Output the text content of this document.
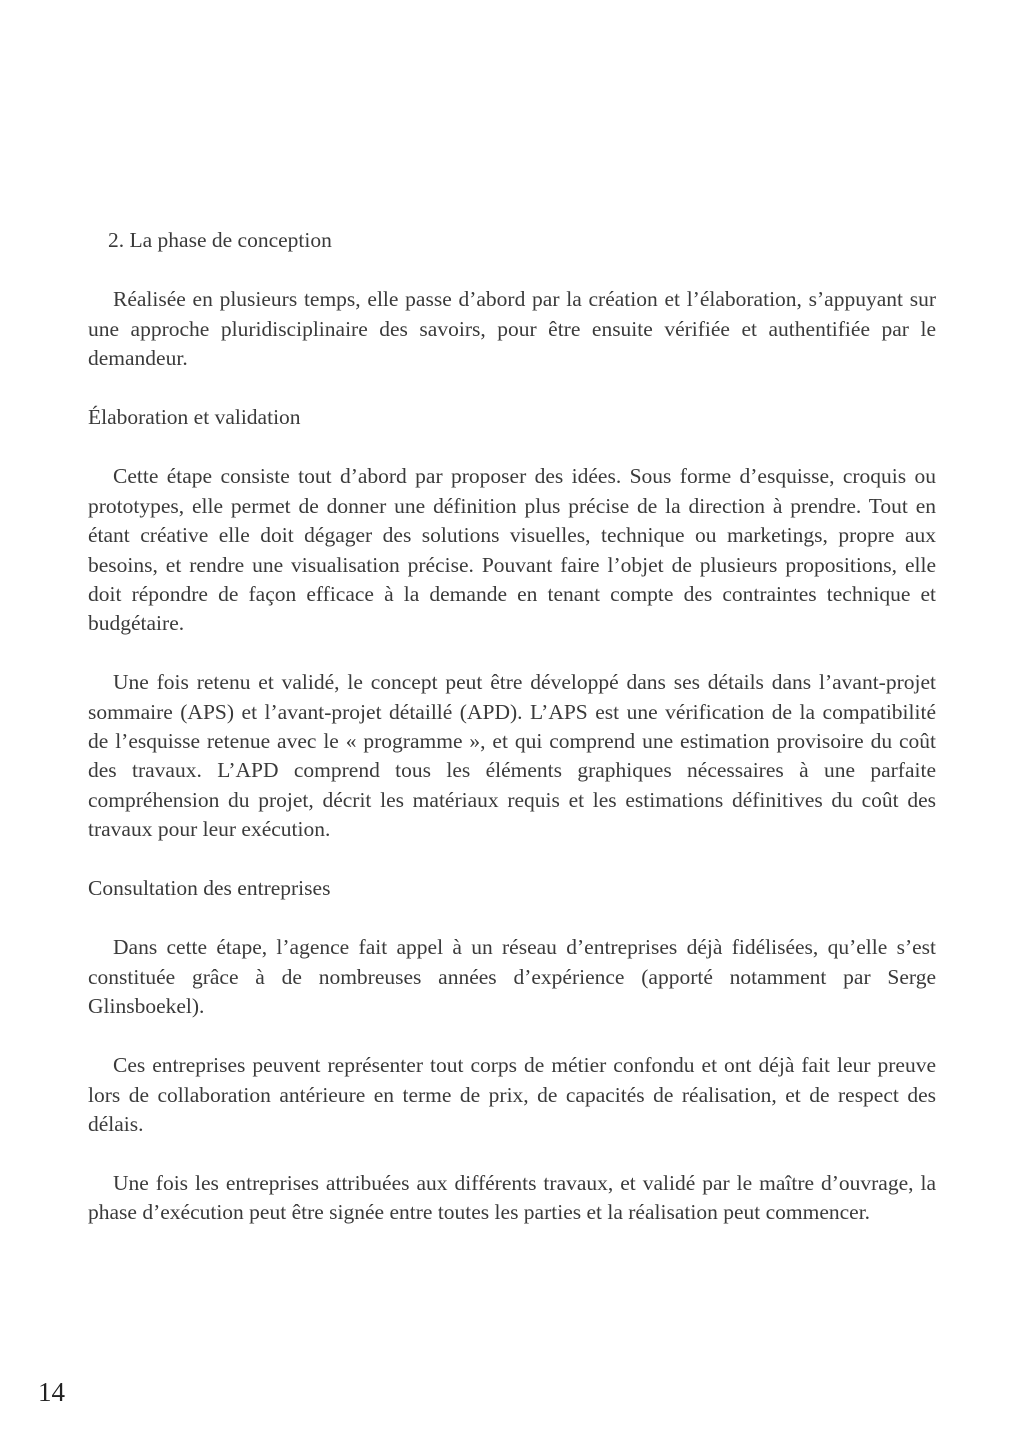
2. La phase de conception

Réalisée en plusieurs temps, elle passe d’abord par la création et l’élaboration, s’appuyant sur une approche pluridisciplinaire des savoirs, pour être ensuite vérifiée et authentifiée par le demandeur.

Élaboration et validation

Cette étape consiste tout d’abord par proposer des idées. Sous forme d’esquisse, croquis ou prototypes, elle permet de donner une définition plus précise de la direction à prendre. Tout en étant créative elle doit dégager des solutions visuelles, technique ou marketings, propre aux besoins, et rendre une visualisation précise. Pouvant faire l’objet de plusieurs propositions, elle doit répondre de façon efficace à la demande en tenant compte des contraintes technique et budgétaire.

Une fois retenu et validé, le concept peut être développé dans ses détails dans l’avant-projet sommaire (APS) et l’avant-projet détaillé (APD). L’APS est une vérification de la compatibilité de l’esquisse retenue avec le « programme », et qui comprend une estimation provisoire du coût des travaux. L’APD comprend tous les éléments graphiques nécessaires à une parfaite compréhension du projet, décrit les matériaux requis et les estimations définitives du coût des travaux pour leur exécution.

Consultation des entreprises

Dans cette étape, l’agence fait appel à un réseau d’entreprises déjà fidélisées, qu’elle s’est constituée grâce à de nombreuses années d’expérience (apporté notamment par Serge Glinsboekel).

Ces entreprises peuvent représenter tout corps de métier confondu et ont déjà fait leur preuve lors de collaboration antérieure en terme de prix, de capacités de réalisation, et de respect des délais.

Une fois les entreprises attribuées aux différents travaux, et validé par le maître d’ouvrage, la phase d’exécution peut être signée entre toutes les parties et la réalisation peut commencer.

14
